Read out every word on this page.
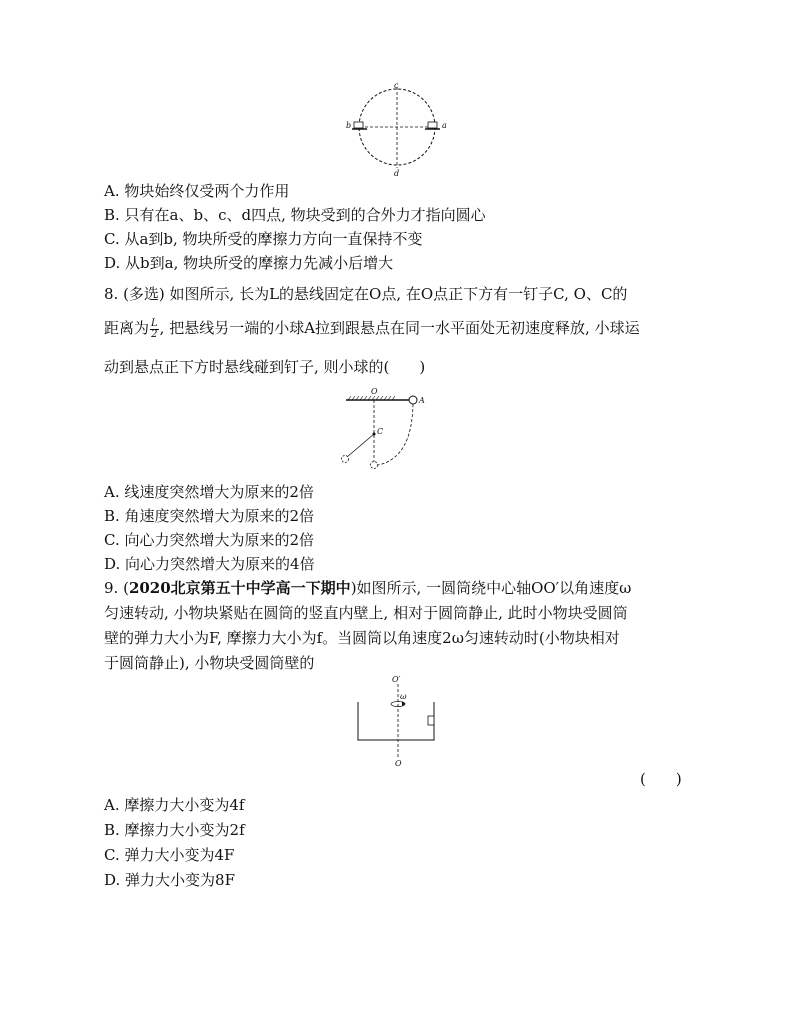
c
d
b	a
A. 物块始终仅受两个力作用
B. 只有在a、b、c、d四点, 物块受到的合外力才指向圆心
C. 从a到b, 物块所受的摩擦力方向一直保持不变
D. 从b到a, 物块所受的摩擦力先减小后增大
8. (多选) 如图所示, 长为L的悬线固定在O点, 在O点正下方有一钉子C, O、C的
距离为 $\frac{L}{2}$ , 把悬线另一端的小球A拉到跟悬点在同一水平面处无初速度释放, 小球运
动到悬点正下方时悬线碰到钉子, 则小球的(　　)
O
A
C
A. 线速度突然增大为原来的2倍
B. 角速度突然增大为原来的2倍
C. 向心力突然增大为原来的2倍
D. 向心力突然增大为原来的4倍
9. (2020北京第五十中学高一下期中)如图所示, 一圆筒绕中心轴OO′以角速度ω
匀速转动, 小物块紧贴在圆筒的竖直内壁上, 相对于圆筒静止, 此时小物块受圆筒
壁的弹力大小为F, 摩擦力大小为f。当圆筒以角速度2ω匀速转动时(小物块相对
于圆筒静止), 小物块受圆筒壁的
O′
ω
O
(　　)
A. 摩擦力大小变为4f
B. 摩擦力大小变为2f
C. 弹力大小变为4F
D. 弹力大小变为8F
